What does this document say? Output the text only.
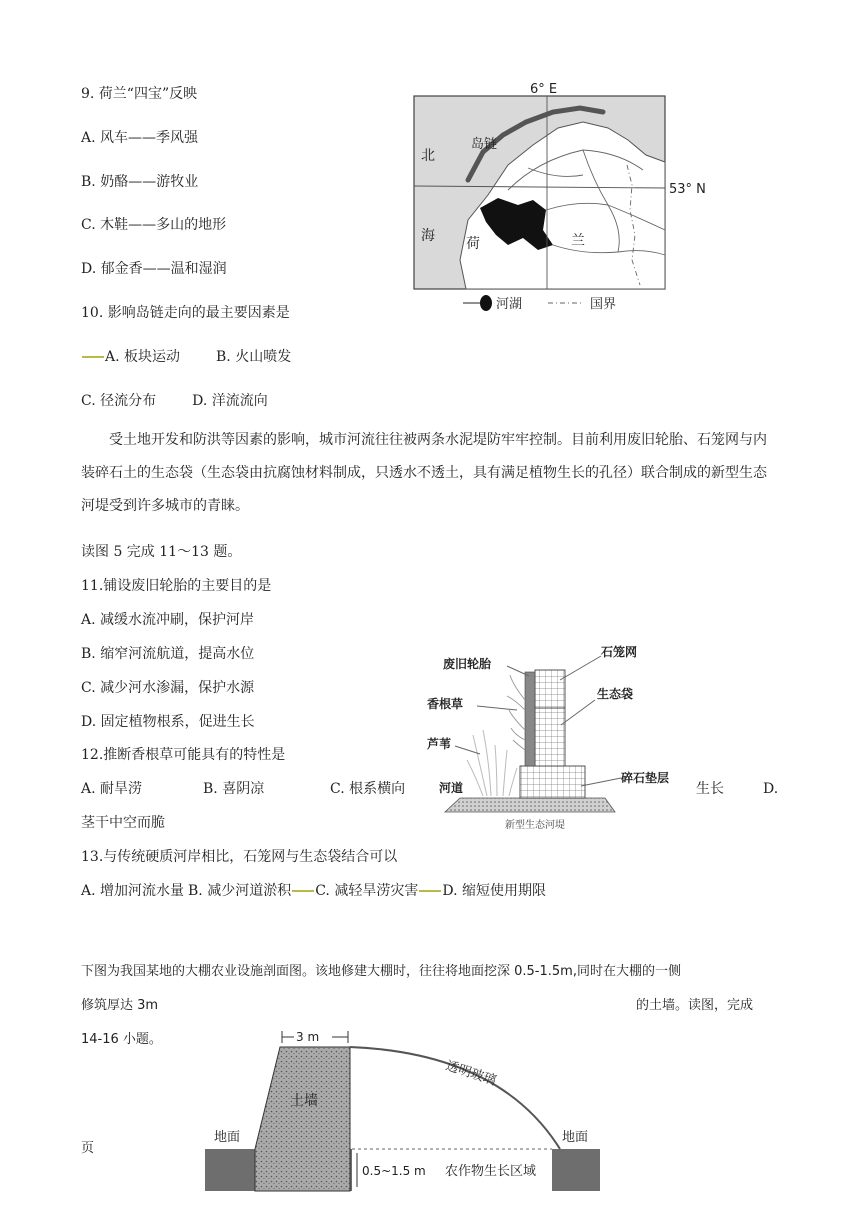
9. 荷兰“四宝”反映
A. 风车——季风强
B. 奶酪——游牧业
C. 木鞋——多山的地形
D. 郁金香——温和湿润
10. 影响岛链走向的最主要因素是
A. 板块运动	B. 火山喷发
C. 径流分布	D. 洋流流向
6° E
53° N
岛链
北
海 荷	兰
河湖	国界
受土地开发和防洪等因素的影响，城市河流往往被两条水泥堤防牢牢控制。目前利用废旧轮胎、石笼网与内装碎石土的生态袋（生态袋由抗腐蚀材料制成，只透水不透土，具有满足植物生长的孔径）联合制成的新型生态河堤受到许多城市的青睐。
读图 5 完成 11～13 题。
11.铺设废旧轮胎的主要目的是
A. 减缓水流冲刷，保护河岸
B. 缩窄河流航道，提高水位
C. 减少河水渗漏，保护水源
D. 固定植物根系，促进生长
12.推断香根草可能具有的特性是
A. 耐旱涝	B. 喜阴凉	C. 根系横向	生长	D.
茎干中空而脆
废旧轮胎
石笼网
香根草
生态袋
芦苇
碎石垫层
河道
新型生态河堤
13.与传统硬质河岸相比，石笼网与生态袋结合可以
A. 增加河流水量 B. 减少河道淤积 C. 减轻旱涝灾害 D. 缩短使用期限
下图为我国某地的大棚农业设施剖面图。该地修建大棚时，往往将地面挖深 0.5-1.5m,同时在大棚的一侧
修筑厚达 3m	的土墙。读图，完成
14-16 小题。	3 m
透明玻璃
土墙
地面	地面
0.5~1.5 m 农作物生长区域
页
